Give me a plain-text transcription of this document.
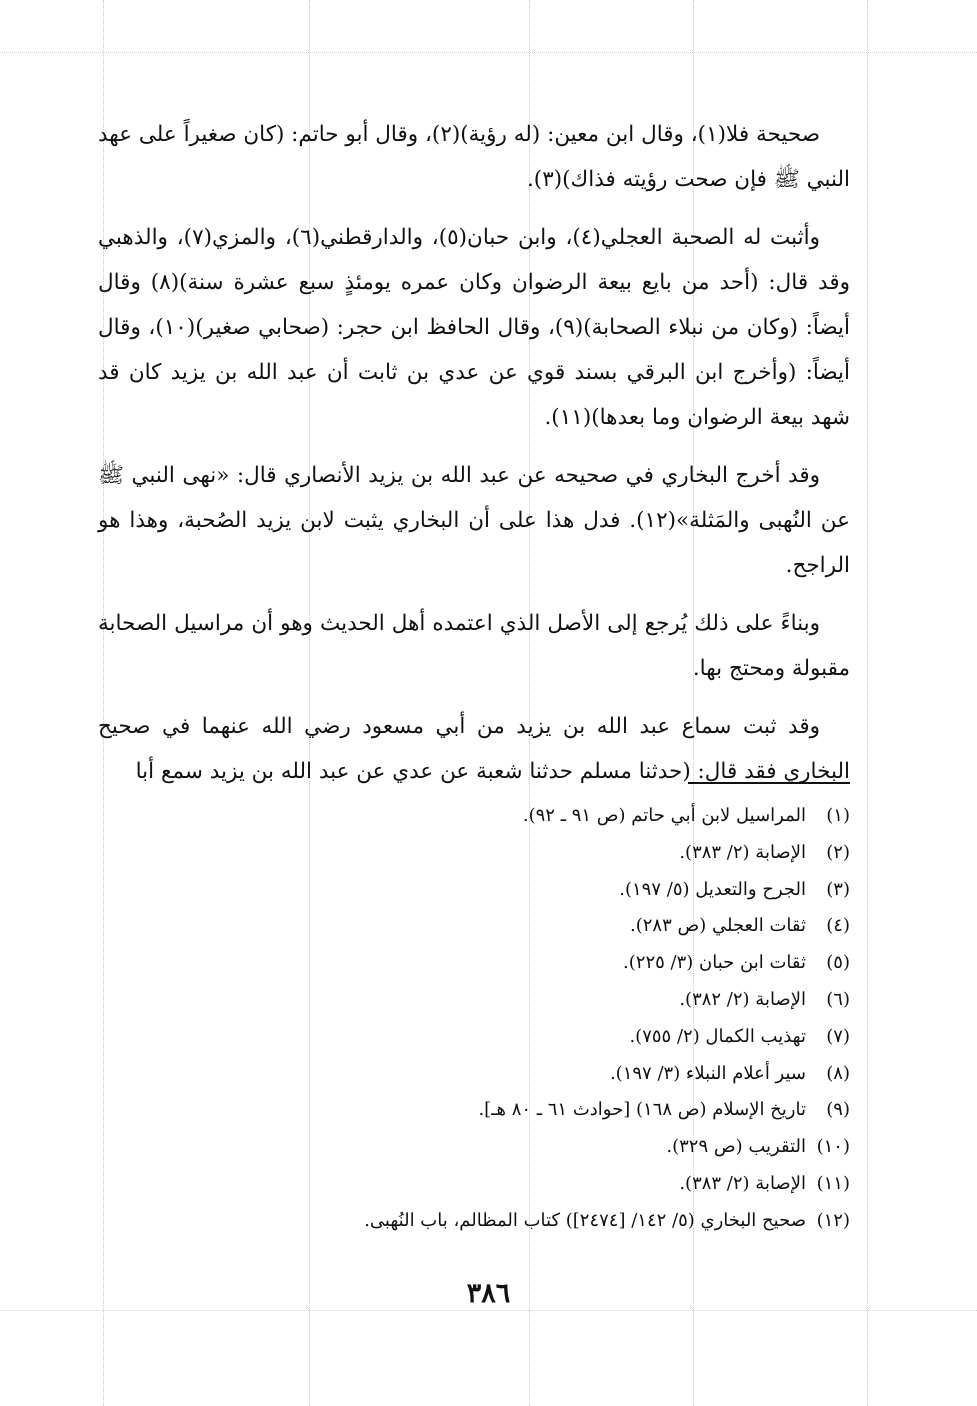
صحيحة فلا(١)، وقال ابن معين: (له رؤية)(٢)، وقال أبو حاتم: (كان صغيراً على عهد النبي ﷺ فإن صحت رؤيته فذاك)(٣).

وأثبت له الصحبة العجلي(٤)، وابن حبان(٥)، والدارقطني(٦)، والمزي(٧)، والذهبي وقد قال: (أحد من بايع بيعة الرضوان وكان عمره يومئذٍ سبع عشرة سنة)(٨) وقال أيضاً: (وكان من نبلاء الصحابة)(٩)، وقال الحافظ ابن حجر: (صحابي صغير)(١٠)، وقال أيضاً: (وأخرج ابن البرقي بسند قوي عن عدي بن ثابت أن عبد الله بن يزيد كان قد شهد بيعة الرضوان وما بعدها)(١١).

وقد أخرج البخاري في صحيحه عن عبد الله بن يزيد الأنصاري قال: «نهى النبي ﷺ عن النُهبى والمَثلة»(١٢). فدل هذا على أن البخاري يثبت لابن يزيد الصُحبة، وهذا هو الراجح.

وبناءً على ذلك يُرجع إلى الأصل الذي اعتمده أهل الحديث وهو أن مراسيل الصحابة مقبولة ومحتج بها.

وقد ثبت سماع عبد الله بن يزيد من أبي مسعود رضي الله عنهما في صحيح البخاري فقد قال: (حدثنا مسلم حدثنا شعبة عن عدي عن عبد الله بن يزيد سمع أبا

(١)المراسيل لابن أبي حاتم (ص ٩١ ـ ٩٢).
(٢)الإصابة (٢/ ٣٨٣).
(٣)الجرح والتعديل (٥/ ١٩٧).
(٤)ثقات العجلي (ص ٢٨٣).
(٥)ثقات ابن حبان (٣/ ٢٢٥).
(٦)الإصابة (٢/ ٣٨٢).
(٧)تهذيب الكمال (٢/ ٧٥٥).
(٨)سير أعلام النبلاء (٣/ ١٩٧).
(٩)تاريخ الإسلام (ص ١٦٨) [حوادث ٦١ ـ ٨٠ هـ].
(١٠)التقريب (ص ٣٢٩).
(١١)الإصابة (٢/ ٣٨٣).
(١٢)صحيح البخاري (٥/ ١٤٢/ [٢٤٧٤]) كتاب المظالم، باب النُهبى.
٣٨٦
